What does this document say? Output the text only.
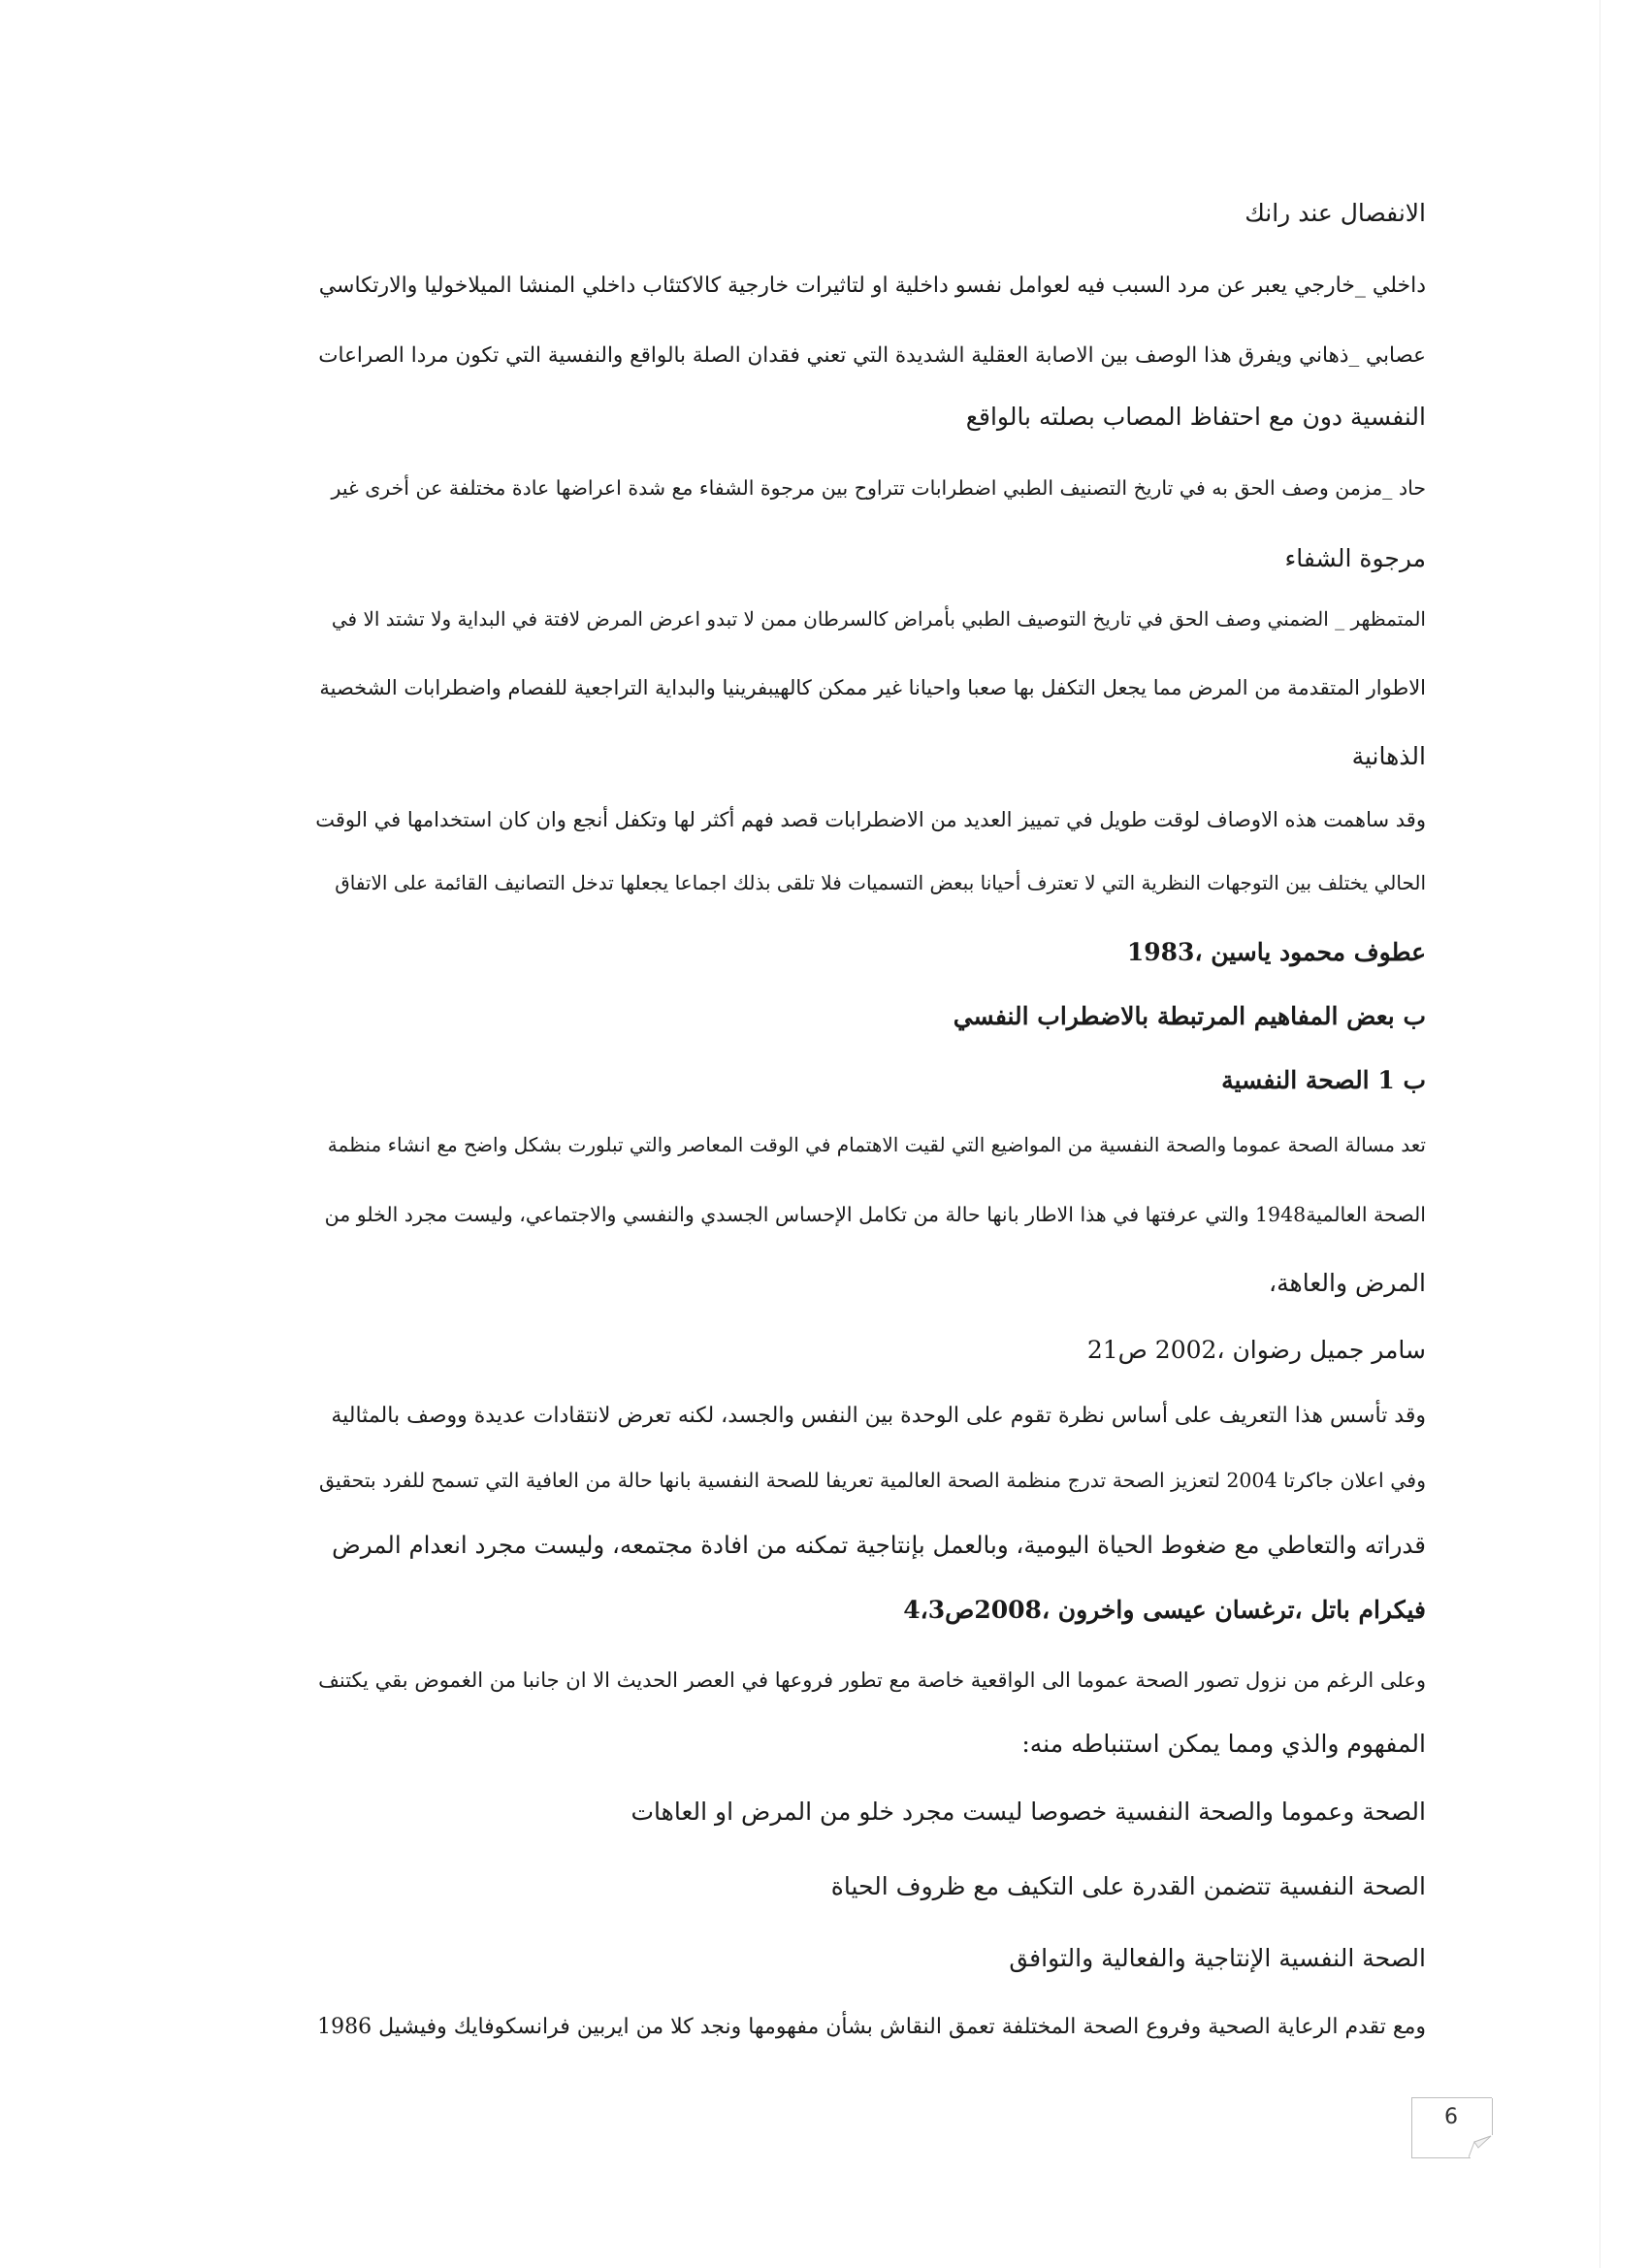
الانفصال عند رانك
داخلي _خارجي يعبر عن مرد السبب فيه لعوامل نفسو داخلية او لتاثيرات خارجية كالاكتئاب داخلي المنشا الميلاخوليا والارتكاسي
عصابي _ذهاني ويفرق هذا الوصف بين الاصابة العقلية الشديدة التي تعني فقدان الصلة بالواقع والنفسية التي تكون مردا الصراعات
النفسية دون مع احتفاظ المصاب بصلته بالواقع
حاد _مزمن وصف الحق به في تاريخ التصنيف الطبي اضطرابات تتراوح بين مرجوة الشفاء مع شدة اعراضها عادة مختلفة عن أخرى غير
مرجوة الشفاء
المتمظهر _ الضمني وصف الحق في تاريخ التوصيف الطبي بأمراض كالسرطان ممن لا تبدو اعرض المرض لافتة في البداية ولا تشتد الا في
الاطوار المتقدمة من المرض مما يجعل التكفل بها صعبا واحيانا غير ممكن كالهيبفرينيا والبداية التراجعية للفصام واضطرابات الشخصية
الذهانية
وقد ساهمت هذه الاوصاف لوقت طويل في تمييز العديد من الاضطرابات قصد فهم أكثر لها وتكفل أنجع وان كان استخدامها في الوقت
الحالي يختلف بين التوجهات النظرية التي لا تعترف أحيانا ببعض التسميات فلا تلقى بذلك اجماعا يجعلها تدخل التصانيف القائمة على الاتفاق
عطوف محمود ياسين ،1983
ب بعض المفاهيم المرتبطة بالاضطراب النفسي
ب 1 الصحة النفسية
تعد مسالة الصحة عموما والصحة النفسية من المواضيع التي لقيت الاهتمام في الوقت المعاصر والتي تبلورت بشكل واضح مع انشاء منظمة
الصحة العالمية1948 والتي عرفتها في هذا الاطار بانها حالة من تكامل الإحساس الجسدي والنفسي والاجتماعي، وليست مجرد الخلو من
المرض والعاهة،
سامر جميل رضوان ،2002 ص21
وقد تأسس هذا التعريف على أساس نظرة تقوم على الوحدة بين النفس والجسد، لكنه تعرض لانتقادات عديدة ووصف بالمثالية
وفي اعلان جاكرتا 2004 لتعزيز الصحة تدرج منظمة الصحة العالمية تعريفا للصحة النفسية بانها حالة من العافية التي تسمح للفرد بتحقيق
قدراته والتعاطي مع ضغوط الحياة اليومية، وبالعمل بإنتاجية تمكنه من افادة مجتمعه، وليست مجرد انعدام المرض
فيكرام باتل ،ترغسان عيسى واخرون ،2008ص4،3
وعلى الرغم من نزول تصور الصحة عموما الى الواقعية خاصة مع تطور فروعها في العصر الحديث الا ان جانبا من الغموض بقي يكتنف
المفهوم والذي ومما يمكن استنباطه منه:
الصحة وعموما والصحة النفسية خصوصا ليست مجرد خلو من المرض او العاهات
الصحة النفسية تتضمن القدرة على التكيف مع ظروف الحياة
الصحة النفسية الإنتاجية والفعالية والتوافق
ومع تقدم الرعاية الصحية وفروع الصحة المختلفة تعمق النقاش بشأن مفهومها ونجد كلا من ايربين فرانسكوفايك وفيشيل 1986
6
